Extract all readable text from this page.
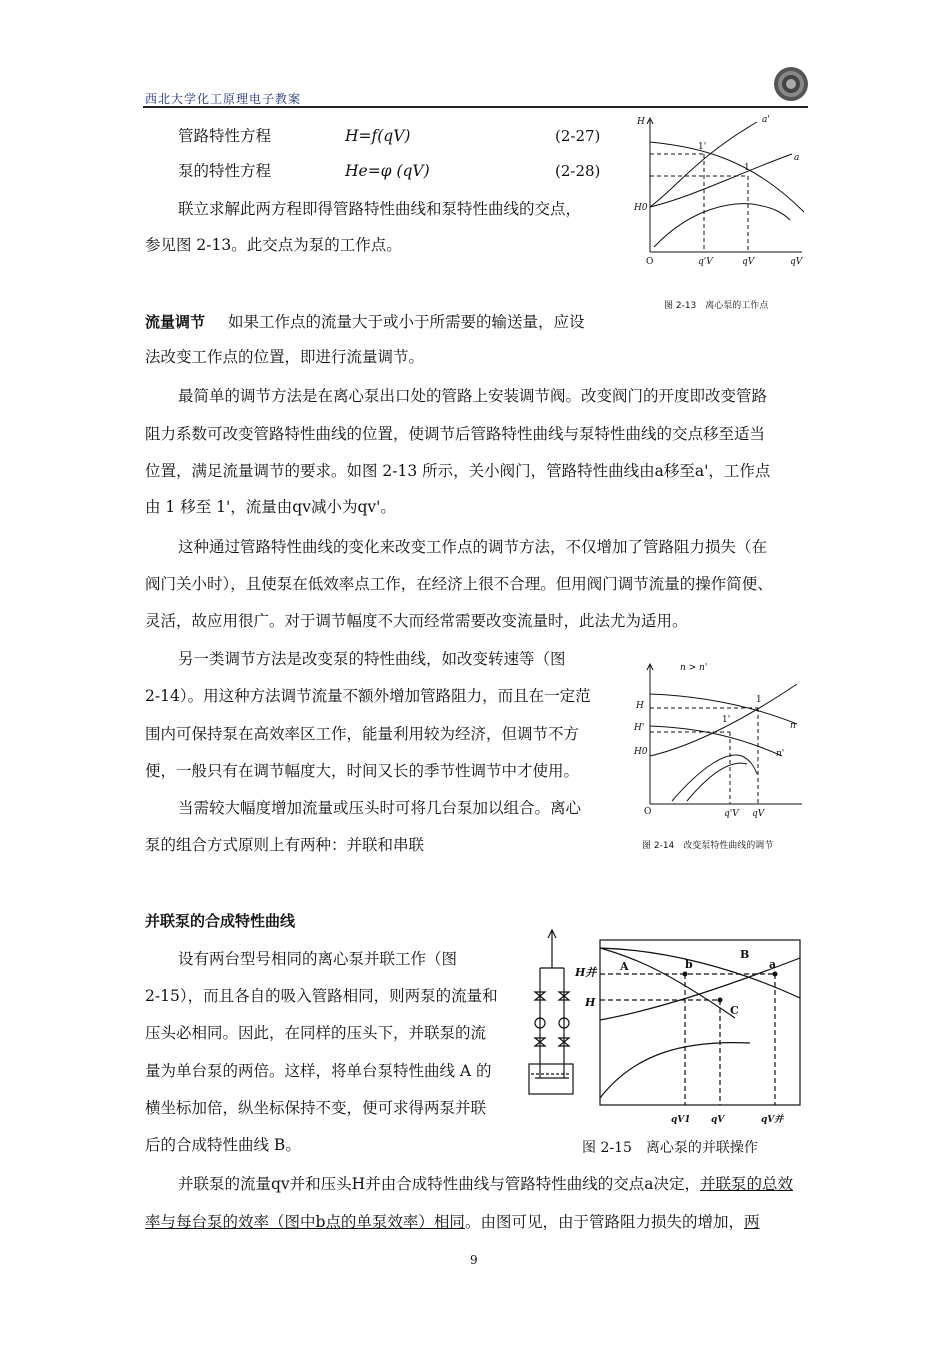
西北大学化工原理电子教案
管路特性方程	H=f(qV)	(2-27)
泵的特性方程	He=φ (qV)	(2-28)
联立求解此两方程即得管路特性曲线和泵特性曲线的交点，
参见图 2-13。此交点为泵的工作点。
H
H0
O
a'
a
1
1'
q'V	qV	qV
图 2-13　离心泵的工作点
流量调节 如果工作点的流量大于或小于所需要的输送量，应设
法改变工作点的位置，即进行流量调节。
最简单的调节方法是在离心泵出口处的管路上安装调节阀。改变阀门的开度即改变管路
阻力系数可改变管路特性曲线的位置，使调节后管路特性曲线与泵特性曲线的交点移至适当
位置，满足流量调节的要求。如图 2-13 所示，关小阀门，管路特性曲线由a移至a'，工作点
由 1 移至 1'，流量由qv减小为qv'。
这种通过管路特性曲线的变化来改变工作点的调节方法，不仅增加了管路阻力损失（在
阀门关小时），且使泵在低效率点工作，在经济上很不合理。但用阀门调节流量的操作简便、
灵活，故应用很广。对于调节幅度不大而经常需要改变流量时，此法尤为适用。
另一类调节方法是改变泵的特性曲线，如改变转速等（图
2-14）。用这种方法调节流量不额外增加管路阻力，而且在一定范
围内可保持泵在高效率区工作，能量利用较为经济，但调节不方
便，一般只有在调节幅度大，时间又长的季节性调节中才使用。
当需较大幅度增加流量或压头时可将几台泵加以组合。离心
泵的组合方式原则上有两种：并联和串联
n > n'
H
H'
H0
O
1
1'
n
n'
q'V qV
图 2-14　改变泵特性曲线的调节
并联泵的合成特性曲线
设有两台型号相同的离心泵并联工作（图
2-15），而且各自的吸入管路相同，则两泵的流量和
压头必相同。因此，在同样的压头下，并联泵的流
量为单台泵的两倍。这样，将单台泵特性曲线 A 的
横坐标加倍，纵坐标保持不变，便可求得两泵并联
后的合成特性曲线 B。
A
B
C
b	a
H并
H
qV1 qV	qV并
图 2-15　离心泵的并联操作
并联泵的流量qv并和压头H并由合成特性曲线与管路特性曲线的交点a决定，并联泵的总效
率与每台泵的效率（图中b点的单泵效率）相同。由图可见，由于管路阻力损失的增加，两
9
